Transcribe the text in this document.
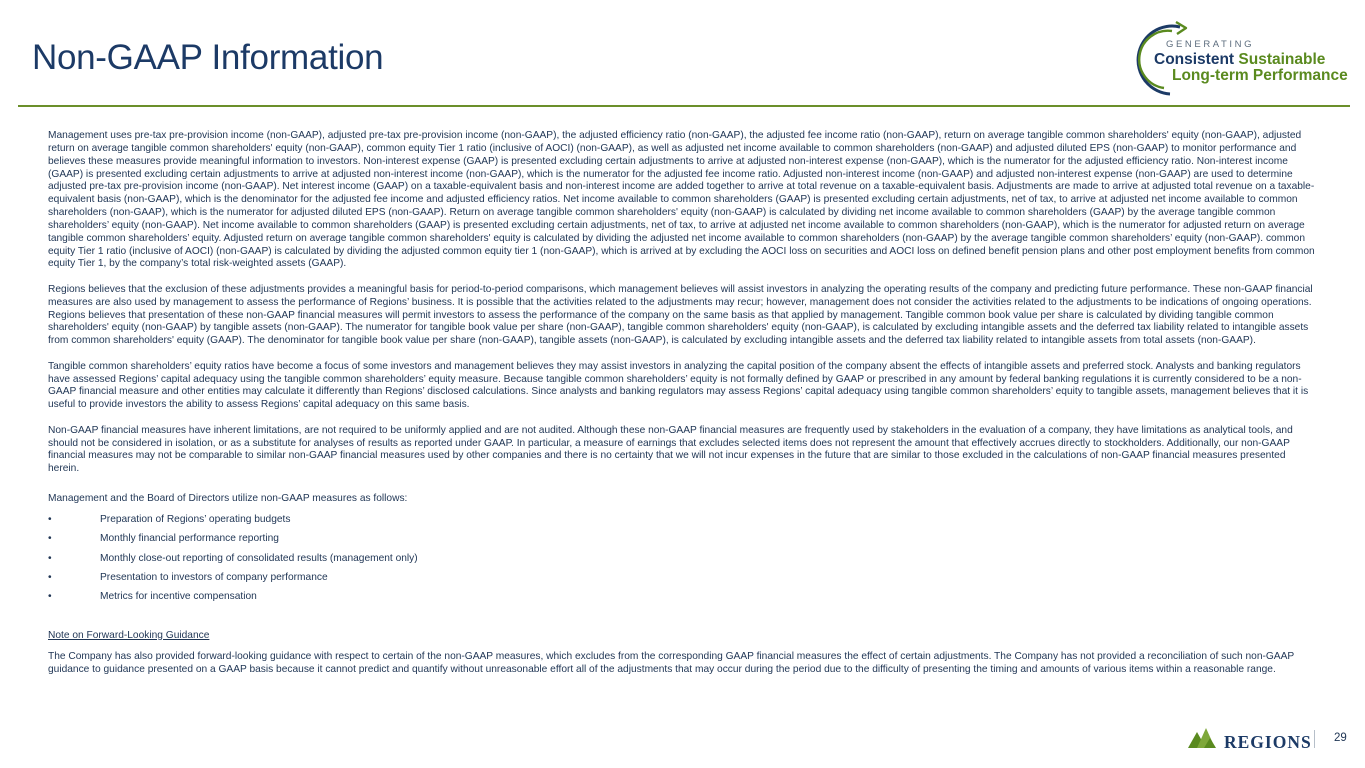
Non-GAAP Information	GENERATING
Consistent Sustainable
Long-term Performance

Management uses pre-tax pre-provision income (non-GAAP), adjusted pre-tax pre-provision income (non-GAAP), the adjusted efficiency ratio (non-GAAP), the adjusted fee income ratio (non-GAAP), return on average tangible common shareholders' equity (non-GAAP), adjusted return on average tangible common shareholders' equity (non-GAAP), common equity Tier 1 ratio (inclusive of AOCI) (non-GAAP), as well as adjusted net income available to common shareholders (non-GAAP) and adjusted diluted EPS (non-GAAP) to monitor performance and believes these measures provide meaningful information to investors. Non-interest expense (GAAP) is presented excluding certain adjustments to arrive at adjusted non-interest expense (non-GAAP), which is the numerator for the adjusted efficiency ratio. Non-interest income (GAAP) is presented excluding certain adjustments to arrive at adjusted non-interest income (non-GAAP), which is the numerator for the adjusted fee income ratio. Adjusted non-interest income (non-GAAP) and adjusted non-interest expense (non-GAAP) are used to determine adjusted pre-tax pre-provision income (non-GAAP). Net interest income (GAAP) on a taxable-equivalent basis and non-interest income are added together to arrive at total revenue on a taxable-equivalent basis. Adjustments are made to arrive at adjusted total revenue on a taxable-equivalent basis (non-GAAP), which is the denominator for the adjusted fee income and adjusted efficiency ratios. Net income available to common shareholders (GAAP) is presented excluding certain adjustments, net of tax, to arrive at adjusted net income available to common shareholders (non-GAAP), which is the numerator for adjusted diluted EPS (non-GAAP). Return on average tangible common shareholders' equity (non-GAAP) is calculated by dividing net income available to common shareholders (GAAP) by the average tangible common shareholders’ equity (non-GAAP). Net income available to common shareholders (GAAP) is presented excluding certain adjustments, net of tax, to arrive at adjusted net income available to common shareholders (non-GAAP), which is the numerator for adjusted return on average tangible common shareholders’ equity. Adjusted return on average tangible common shareholders' equity is calculated by dividing the adjusted net income available to common shareholders (non-GAAP) by the average tangible common shareholders’ equity (non-GAAP). common equity Tier 1 ratio (inclusive of AOCI) (non-GAAP) is calculated by dividing the adjusted common equity tier 1 (non-GAAP), which is arrived at by excluding the AOCI loss on securities and AOCI loss on defined benefit pension plans and other post employment benefits from common equity Tier 1, by the company’s total risk-weighted assets (GAAP).

Regions believes that the exclusion of these adjustments provides a meaningful basis for period-to-period comparisons, which management believes will assist investors in analyzing the operating results of the company and predicting future performance. These non-GAAP financial measures are also used by management to assess the performance of Regions’ business. It is possible that the activities related to the adjustments may recur; however, management does not consider the activities related to the adjustments to be indications of ongoing operations. Regions believes that presentation of these non-GAAP financial measures will permit investors to assess the performance of the company on the same basis as that applied by management. Tangible common book value per share is calculated by dividing tangible common shareholders' equity (non-GAAP) by tangible assets (non-GAAP). The numerator for tangible book value per share (non-GAAP), tangible common shareholders' equity (non-GAAP), is calculated by excluding intangible assets and the deferred tax liability related to intangible assets from common shareholders' equity (GAAP). The denominator for tangible book value per share (non-GAAP), tangible assets (non-GAAP), is calculated by excluding intangible assets and the deferred tax liability related to intangible assets from total assets (non-GAAP).

Tangible common shareholders’ equity ratios have become a focus of some investors and management believes they may assist investors in analyzing the capital position of the company absent the effects of intangible assets and preferred stock. Analysts and banking regulators have assessed Regions’ capital adequacy using the tangible common shareholders’ equity measure. Because tangible common shareholders’ equity is not formally defined by GAAP or prescribed in any amount by federal banking regulations it is currently considered to be a non-GAAP financial measure and other entities may calculate it differently than Regions’ disclosed calculations. Since analysts and banking regulators may assess Regions’ capital adequacy using tangible common shareholders’ equity to tangible assets, management believes that it is useful to provide investors the ability to assess Regions’ capital adequacy on this same basis.

Non-GAAP financial measures have inherent limitations, are not required to be uniformly applied and are not audited. Although these non-GAAP financial measures are frequently used by stakeholders in the evaluation of a company, they have limitations as analytical tools, and should not be considered in isolation, or as a substitute for analyses of results as reported under GAAP. In particular, a measure of earnings that excludes selected items does not represent the amount that effectively accrues directly to stockholders. Additionally, our non-GAAP financial measures may not be comparable to similar non-GAAP financial measures used by other companies and there is no certainty that we will not incur expenses in the future that are similar to those excluded in the calculations of non-GAAP financial measures presented herein.

Management and the Board of Directors utilize non-GAAP measures as follows:

•	Preparation of Regions’ operating budgets
•	Monthly financial performance reporting
•	Monthly close-out reporting of consolidated results (management only)
•	Presentation to investors of company performance
•	Metrics for incentive compensation
Note on Forward-Looking Guidance

The Company has also provided forward-looking guidance with respect to certain of the non-GAAP measures, which excludes from the corresponding GAAP financial measures the effect of certain adjustments. The Company has not provided a reconciliation of such non-GAAP guidance to guidance presented on a GAAP basis because it cannot predict and quantify without unreasonable effort all of the adjustments that may occur during the period due to the difficulty of presenting the timing and amounts of various items within a reasonable range.

REGIONS 29
